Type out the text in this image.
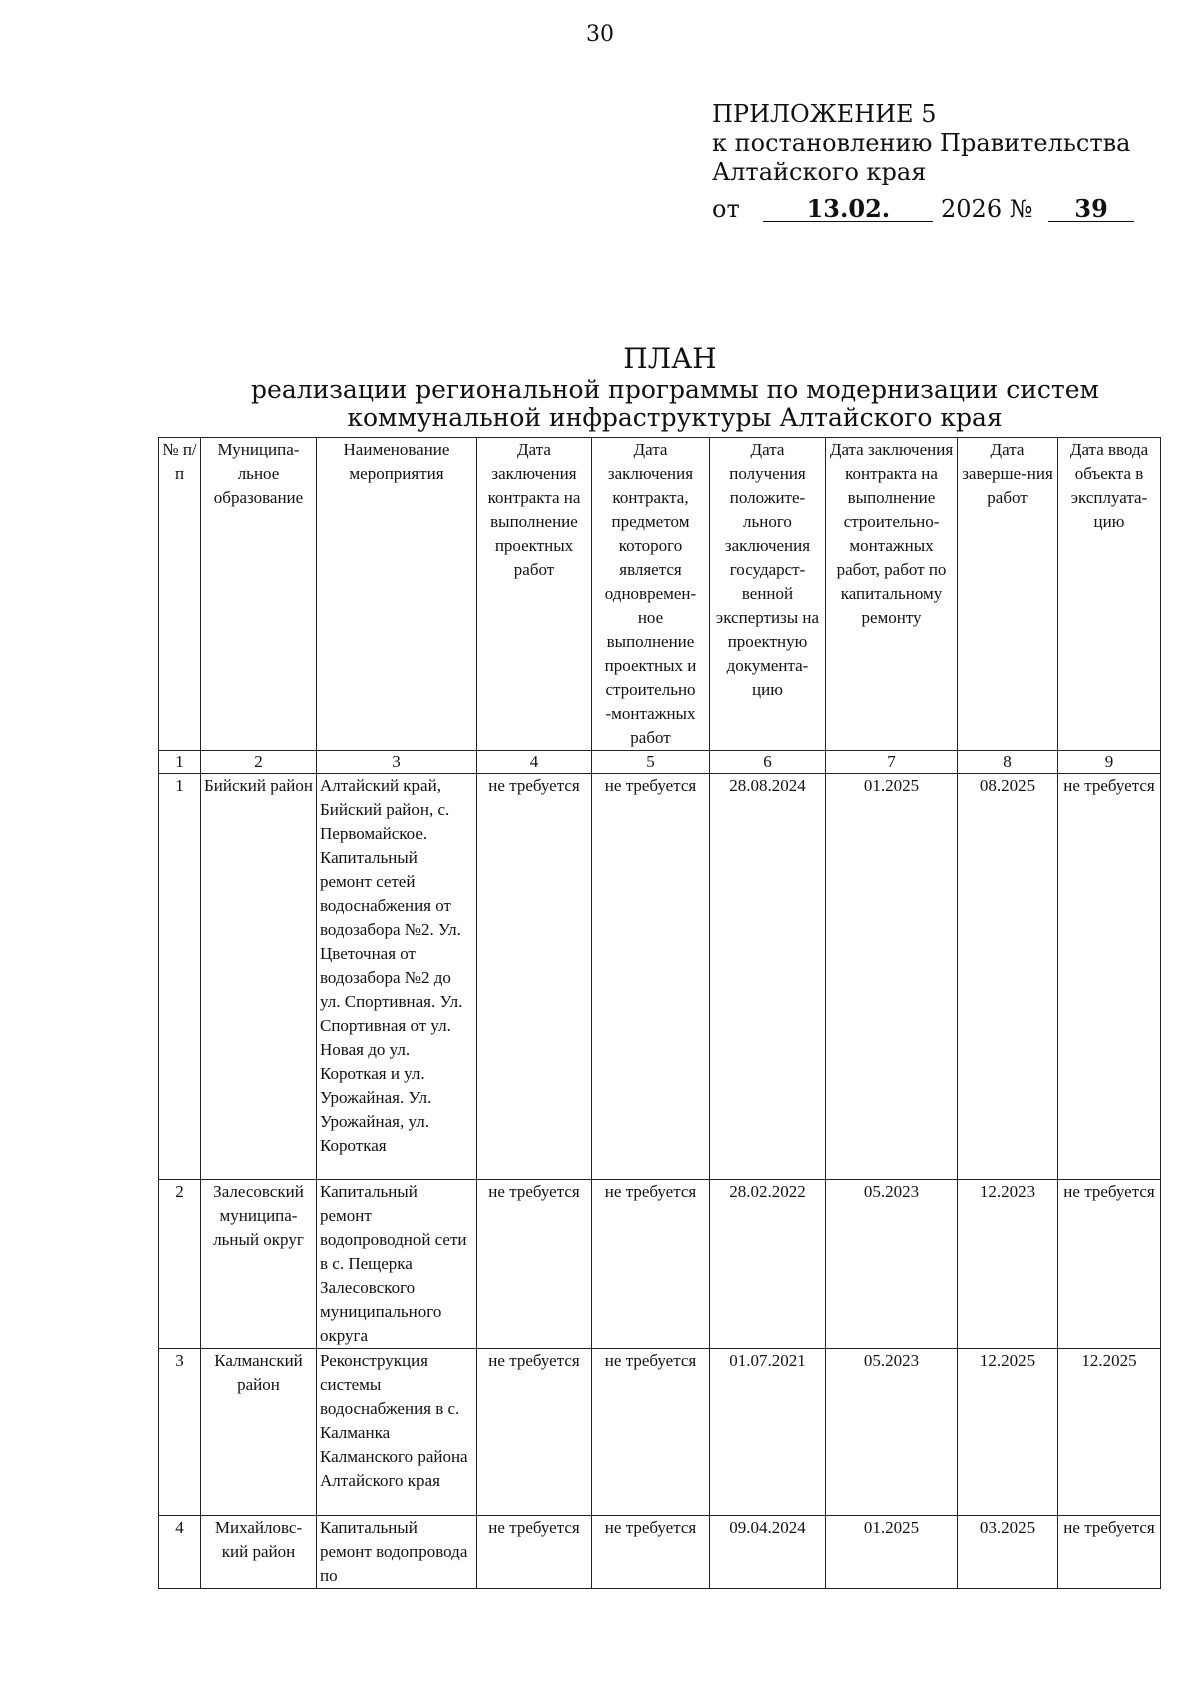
30
ПРИЛОЖЕНИЕ 5
к постановлению Правительства
Алтайского края
от	13.02. 2026 № 39
ПЛАН
реализации региональной программы по модернизации систем
коммунальной инфраструктуры Алтайского края
№ п/п	Муниципа-льное образование	Наименование мероприятия	Дата заключения контракта на выполнение проектных работ	Дата заключения контракта, предметом которого является одновремен-ное выполнение проектных и строительно -монтажных работ	Дата получения положите-льного заключения государст-венной экспертизы на проектную документа-цию	Дата заключения контракта на выполнение строительно-монтажных работ, работ по капитальному ремонту	Дата заверше-ния работ	Дата ввода объекта в эксплуата-цию
1	2	3	4	5	6	7	8	9
1	Бийский район	Алтайский край, Бийский район, с. Первомайское. Капитальный ремонт сетей водоснабжения от водозабора №2. Ул. Цветочная от водозабора №2 до ул. Спортивная. Ул. Спортивная от ул. Новая до ул. Короткая и ул. Урожайная. Ул. Урожайная, ул. Короткая	не требуется	не требуется	28.08.2024	01.2025	08.2025	не требуется
2	Залесовский муниципа-льный округ	Капитальный ремонт водопроводной сети в с. Пещерка Залесовского муниципального округа	не требуется	не требуется	28.02.2022	05.2023	12.2023	не требуется
3	Калманский район	Реконструкция системы водоснабжения в с. Калманка Калманского района Алтайского края	не требуется	не требуется	01.07.2021	05.2023	12.2025	12.2025
4	Михайловс-кий район	Капитальный ремонт водопровода по	не требуется	не требуется	09.04.2024	01.2025	03.2025	не требуется
